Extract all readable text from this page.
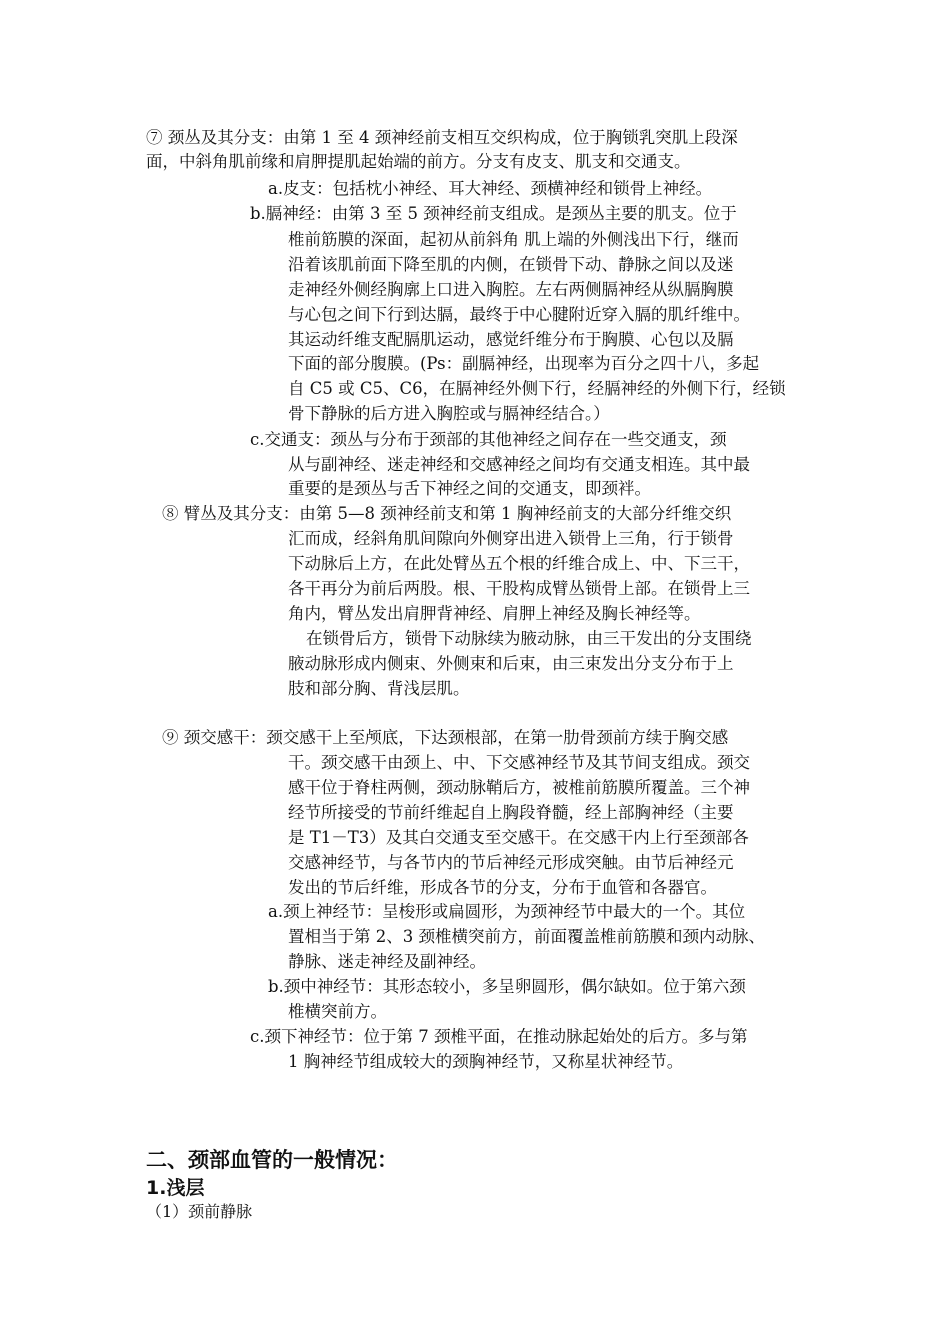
⑦ 颈丛及其分支：由第 1 至 4 颈神经前支相互交织构成，位于胸锁乳突肌上段深
面，中斜角肌前缘和肩胛提肌起始端的前方。分支有皮支、肌支和交通支。
a.皮支：包括枕小神经、耳大神经、颈横神经和锁骨上神经。
b.膈神经：由第 3 至 5 颈神经前支组成。是颈丛主要的肌支。位于
椎前筋膜的深面，起初从前斜角 肌上端的外侧浅出下行，继而
沿着该肌前面下降至肌的内侧，在锁骨下动、静脉之间以及迷
走神经外侧经胸廓上口进入胸腔。左右两侧膈神经从纵膈胸膜
与心包之间下行到达膈，最终于中心腱附近穿入膈的肌纤维中。
其运动纤维支配膈肌运动，感觉纤维分布于胸膜、心包以及膈
下面的部分腹膜。(Ps：副膈神经，出现率为百分之四十八，多起
自 C5 或 C5、C6，在膈神经外侧下行，经膈神经的外侧下行，经锁
骨下静脉的后方进入胸腔或与膈神经结合。）
c.交通支：颈丛与分布于颈部的其他神经之间存在一些交通支，颈
从与副神经、迷走神经和交感神经之间均有交通支相连。其中最
重要的是颈丛与舌下神经之间的交通支，即颈袢。
⑧ 臂丛及其分支：由第 5—8 颈神经前支和第 1 胸神经前支的大部分纤维交织
汇而成，经斜角肌间隙向外侧穿出进入锁骨上三角，行于锁骨
下动脉后上方，在此处臂丛五个根的纤维合成上、中、下三干，
各干再分为前后两股。根、干股构成臂丛锁骨上部。在锁骨上三
角内，臂丛发出肩胛背神经、肩胛上神经及胸长神经等。
在锁骨后方，锁骨下动脉续为腋动脉，由三干发出的分支围绕
腋动脉形成内侧束、外侧束和后束，由三束发出分支分布于上
肢和部分胸、背浅层肌。
⑨ 颈交感干：颈交感干上至颅底，下达颈根部，在第一肋骨颈前方续于胸交感
干。颈交感干由颈上、中、下交感神经节及其节间支组成。颈交
感干位于脊柱两侧，颈动脉鞘后方，被椎前筋膜所覆盖。三个神
经节所接受的节前纤维起自上胸段脊髓，经上部胸神经（主要
是 T1－T3）及其白交通支至交感干。在交感干内上行至颈部各
交感神经节，与各节内的节后神经元形成突触。由节后神经元
发出的节后纤维，形成各节的分支，分布于血管和各器官。
a.颈上神经节：呈梭形或扁圆形，为颈神经节中最大的一个。其位
置相当于第 2、3 颈椎横突前方，前面覆盖椎前筋膜和颈内动脉、
静脉、迷走神经及副神经。
b.颈中神经节：其形态较小，多呈卵圆形，偶尔缺如。位于第六颈
椎横突前方。
c.颈下神经节：位于第 7 颈椎平面，在推动脉起始处的后方。多与第
1 胸神经节组成较大的颈胸神经节，又称星状神经节。
二、颈部血管的一般情况：
1.浅层
（1）颈前静脉
